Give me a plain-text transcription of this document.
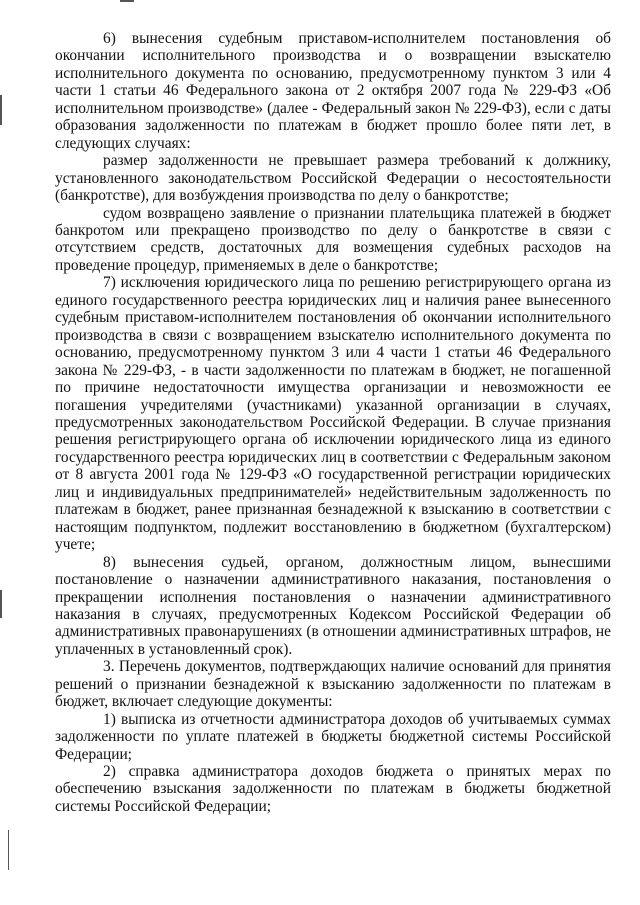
6) вынесения судебным приставом-исполнителем постановления об окончании исполнительного производства и о возвращении взыскателю исполнительного документа по основанию, предусмотренному пунктом 3 или 4 части 1 статьи 46 Федерального закона от 2 октября 2007 года № 229-ФЗ «Об исполнительном производстве» (далее - Федеральный закон № 229-ФЗ), если с даты образования задолженности по платежам в бюджет прошло более пяти лет, в следующих случаях:

размер задолженности не превышает размера требований к должнику, установленного законодательством Российской Федерации о несостоятельности (банкротстве), для возбуждения производства по делу о банкротстве;

судом возвращено заявление о признании плательщика платежей в бюджет банкротом или прекращено производство по делу о банкротстве в связи с отсутствием средств, достаточных для возмещения судебных расходов на проведение процедур, применяемых в деле о банкротстве;

7) исключения юридического лица по решению регистрирующего органа из единого государственного реестра юридических лиц и наличия ранее вынесенного судебным приставом-исполнителем постановления об окончании исполнительного производства в связи с возвращением взыскателю исполнительного документа по основанию, предусмотренному пунктом 3 или 4 части 1 статьи 46 Федерального закона № 229-ФЗ, - в части задолженности по платежам в бюджет, не погашенной по причине недостаточности имущества организации и невозможности ее погашения учредителями (участниками) указанной организации в случаях, предусмотренных законодательством Российской Федерации. В случае признания решения регистрирующего органа об исключении юридического лица из единого государственного реестра юридических лиц в соответствии с Федеральным законом от 8 августа 2001 года № 129-ФЗ «О государственной регистрации юридических лиц и индивидуальных предпринимателей» недействительным задолженность по платежам в бюджет, ранее признанная безнадежной к взысканию в соответствии с настоящим подпунктом, подлежит восстановлению в бюджетном (бухгалтерском) учете;

8) вынесения судьей, органом, должностным лицом, вынесшими постановление о назначении административного наказания, постановления о прекращении исполнения постановления о назначении административного наказания в случаях, предусмотренных Кодексом Российской Федерации об административных правонарушениях (в отношении административных штрафов, не уплаченных в установленный срок).

3. Перечень документов, подтверждающих наличие оснований для принятия решений о признании безнадежной к взысканию задолженности по платежам в бюджет, включает следующие документы:

1) выписка из отчетности администратора доходов об учитываемых суммах задолженности по уплате платежей в бюджеты бюджетной системы Российской Федерации;

2) справка администратора доходов бюджета о принятых мерах по обеспечению взыскания задолженности по платежам в бюджеты бюджетной системы Российской Федерации;
